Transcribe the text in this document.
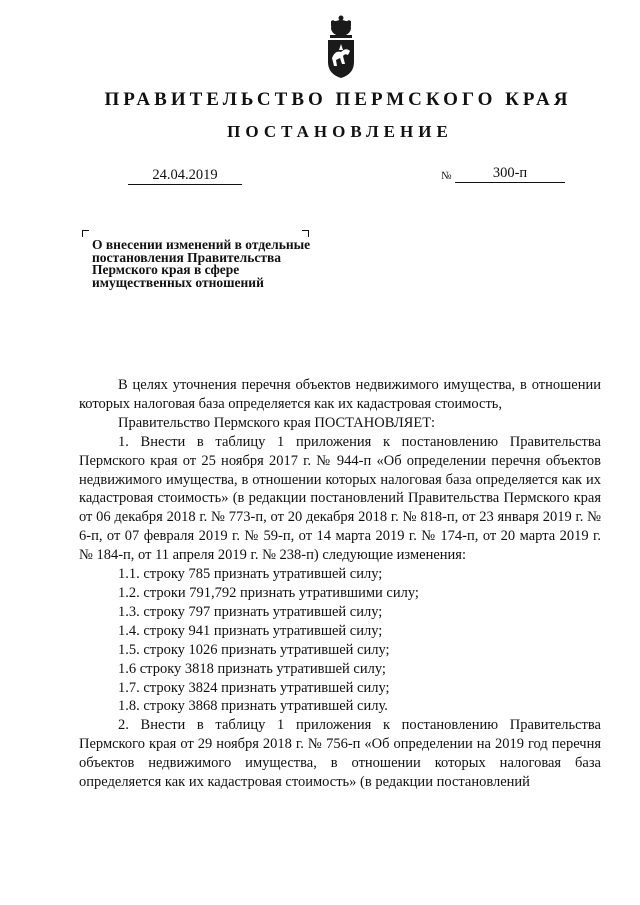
ПРАВИТЕЛЬСТВО ПЕРМСКОГО КРАЯ
ПОСТАНОВЛЕНИЕ
24.04.2019	№	300-п
О внесении изменений в отдельные
постановления Правительства
Пермского края в сфере
имущественных отношений

В целях уточнения перечня объектов недвижимого имущества, в отношении которых налоговая база определяется как их кадастровая стоимость,

Правительство Пермского края ПОСТАНОВЛЯЕТ:

1. Внести в таблицу 1 приложения к постановлению Правительства Пермского края от 25 ноября 2017 г. № 944-п «Об определении перечня объектов недвижимого имущества, в отношении которых налоговая база определяется как их кадастровая стоимость» (в редакции постановлений Правительства Пермского края от 06 декабря 2018 г. № 773-п, от 20 декабря 2018 г. № 818-п, от 23 января 2019 г. № 6-п, от 07 февраля 2019 г. № 59-п, от 14 марта 2019 г. № 174-п, от 20 марта 2019 г. № 184-п, от 11 апреля 2019 г. № 238-п) следующие изменения:

1.1. строку 785 признать утратившей силу;

1.2. строки 791,792 признать утратившими силу;

1.3. строку 797 признать утратившей силу;

1.4. строку 941 признать утратившей силу;

1.5. строку 1026 признать утратившей силу;

1.6 строку 3818 признать утратившей силу;

1.7. строку 3824 признать утратившей силу;

1.8. строку 3868 признать утратившей силу.

2. Внести в таблицу 1 приложения к постановлению Правительства Пермского края от 29 ноября 2018 г. № 756-п «Об определении на 2019 год перечня объектов недвижимого имущества, в отношении которых налоговая база определяется как их кадастровая стоимость» (в редакции постановлений
